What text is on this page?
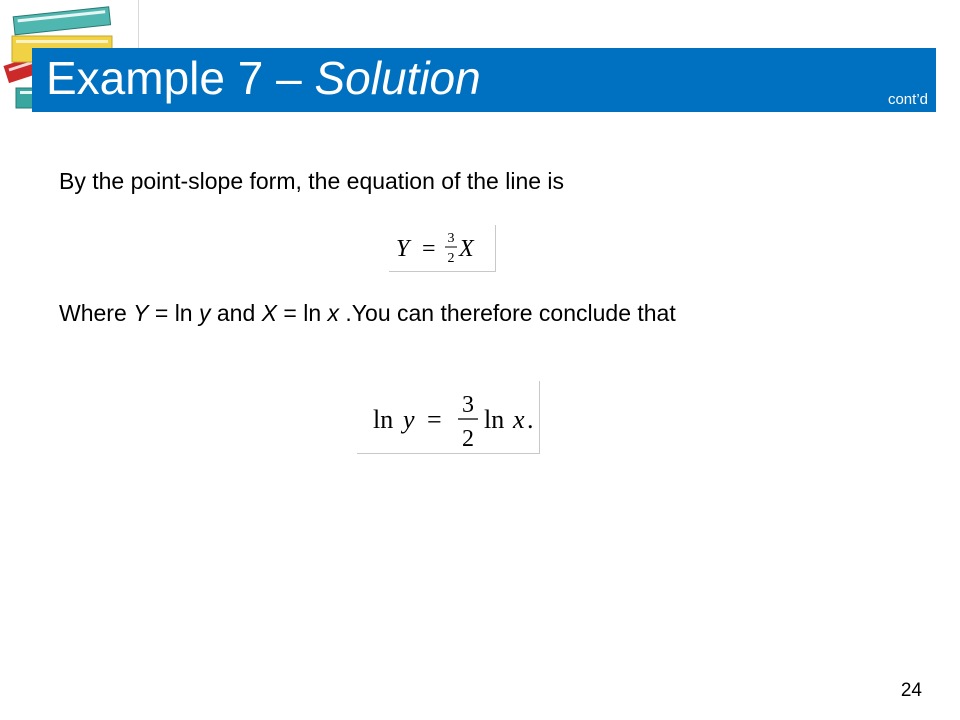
Example 7 – Solution	cont’d
By the point-slope form, the equation of the line is
Y = 3
2 X
Where Y = ln y and X = ln x .You can therefore conclude that
ln y = 3
2
ln x .
24
